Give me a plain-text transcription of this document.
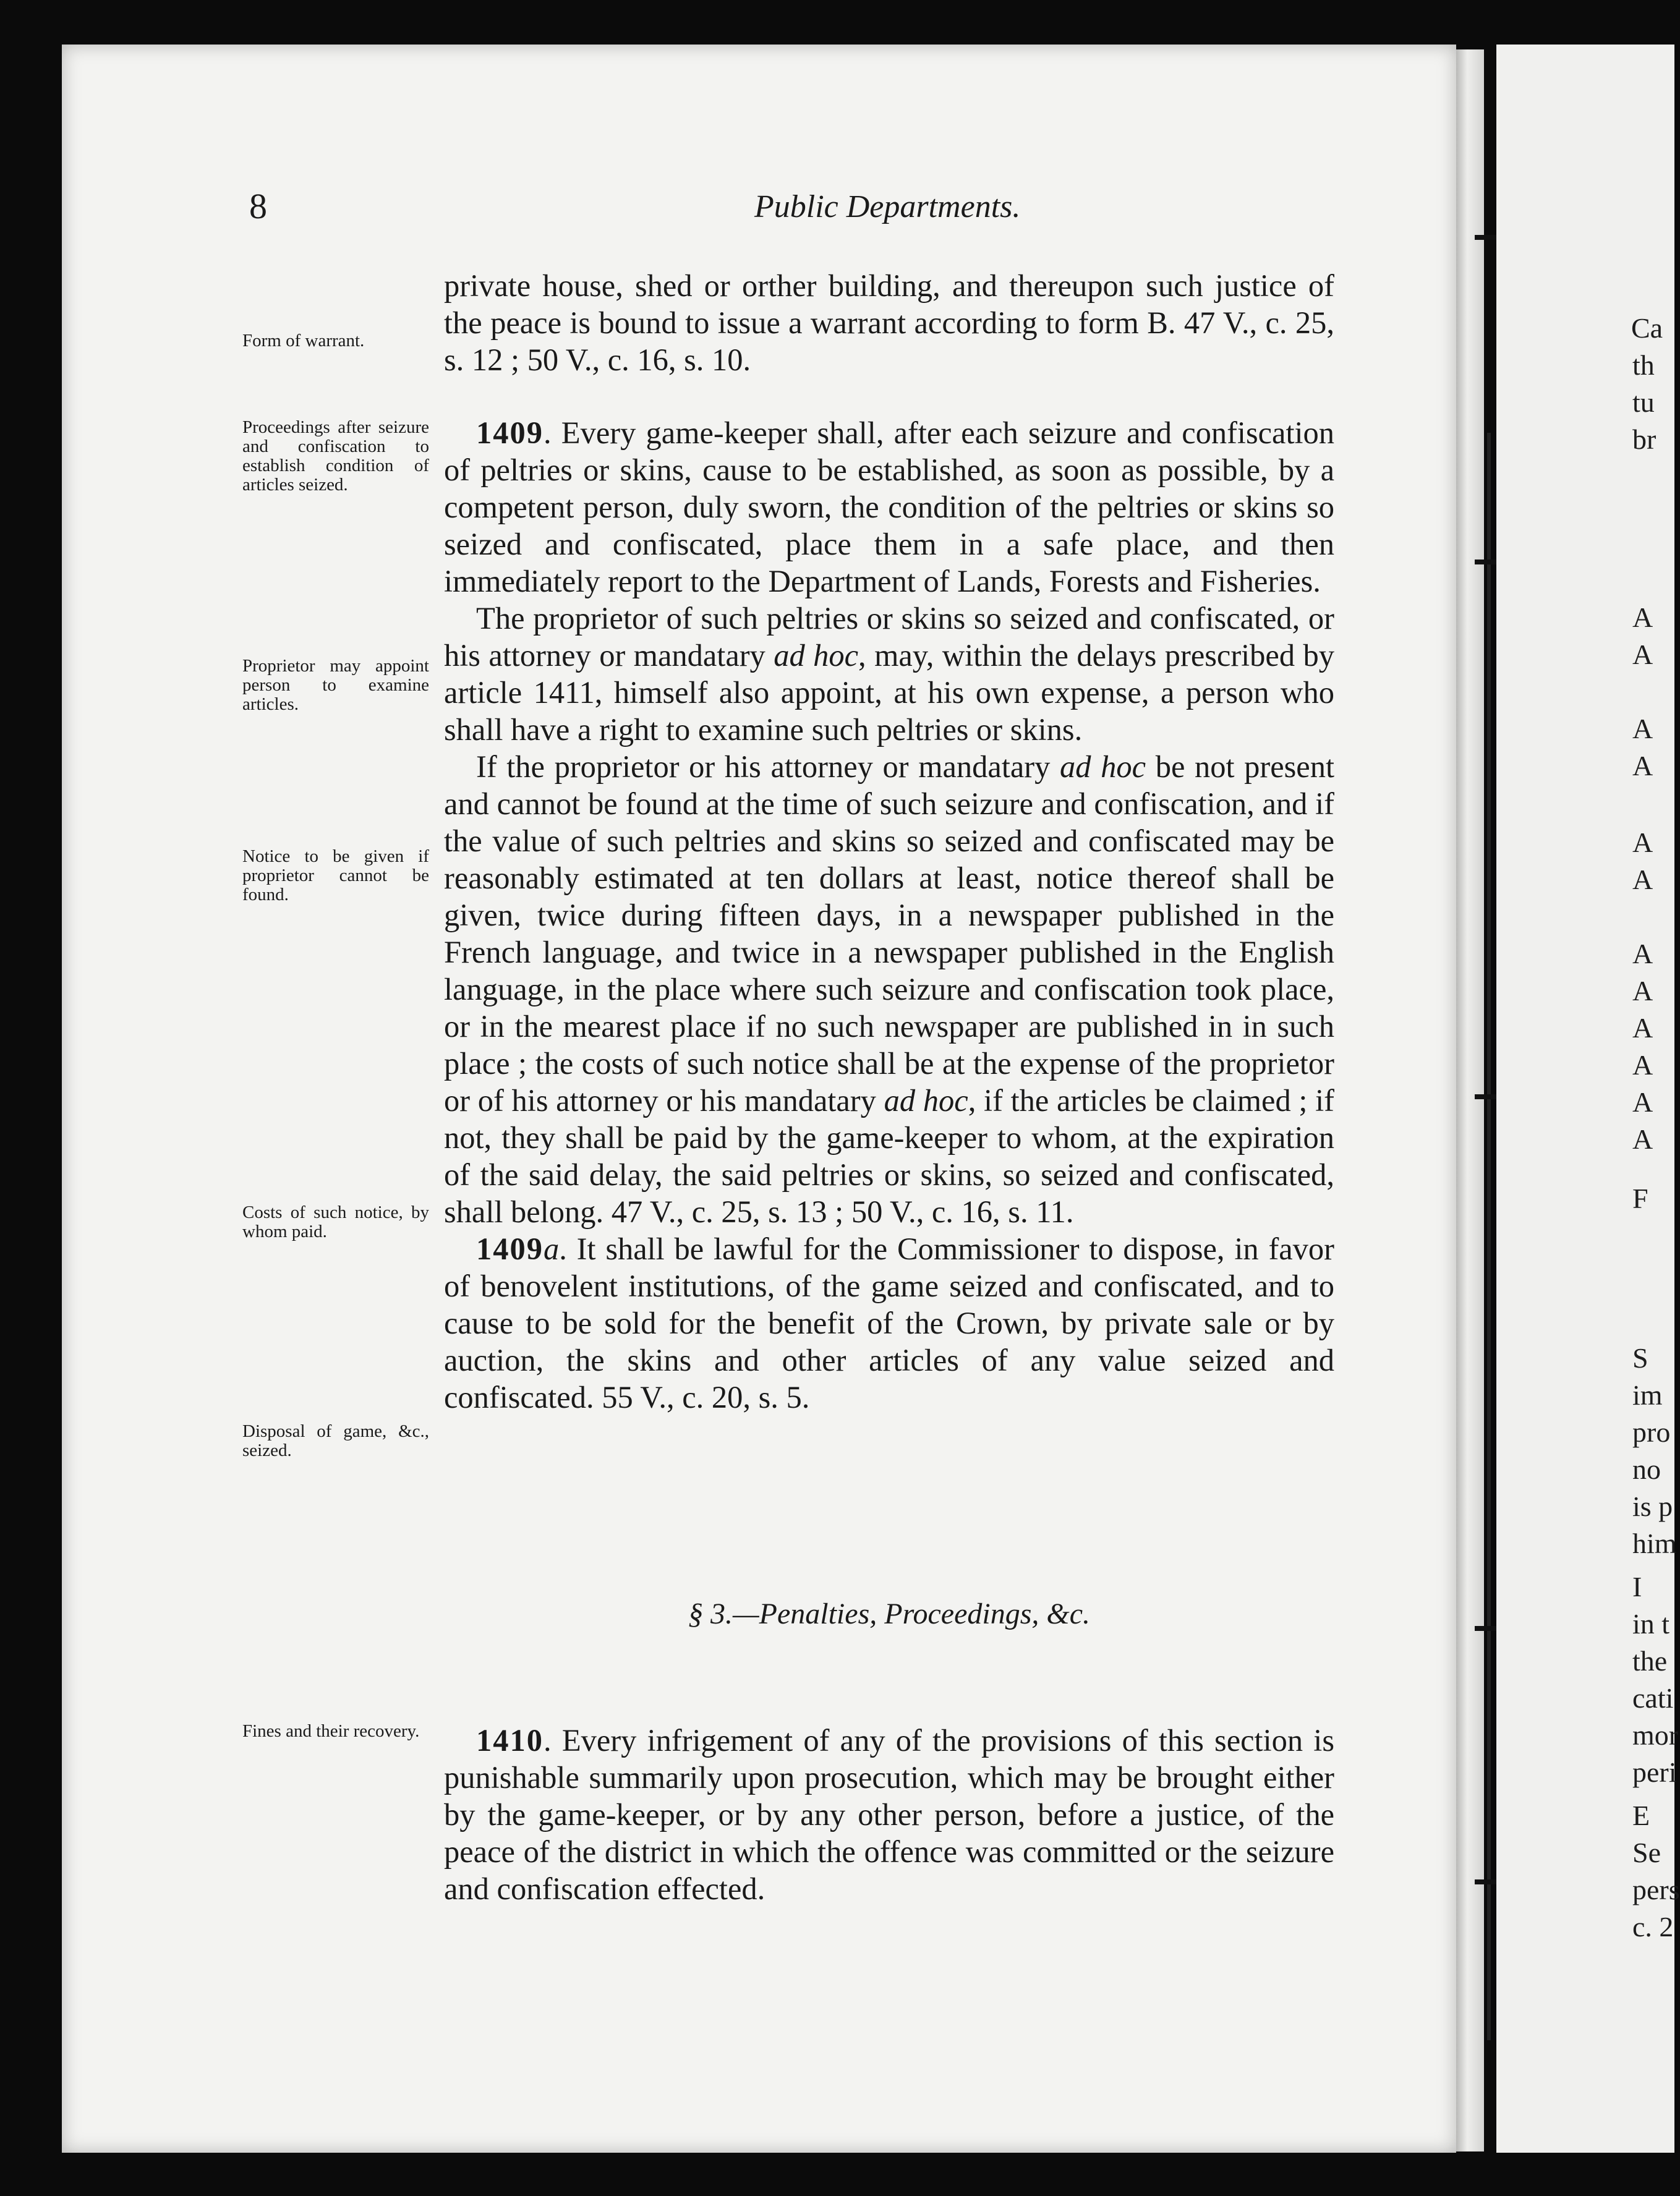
Ca
th
tu
br
A
A
A
A
A
A
A
A
A
A
A
A
F
S
im
pro
no
is p
him
I
in t
the
cati
mor
peri
E
Se
pers
c. 2
8	Public Departments.
Form of warrant.
Proceedings after seizure and confiscation to establish condition of articles seized.
Proprietor may appoint person to examine articles.
Notice to be given if proprietor cannot be found.
Costs of such notice, by whom paid.
Disposal of game, &c., seized.
Fines and their recovery.

private house, shed or orther building, and thereupon such justice of the peace is bound to issue a warrant according to form B. 47 V., c. 25, s. 12 ; 50 V., c. 16, s. 10.

1409. Every game-keeper shall, after each seizure and confiscation of peltries or skins, cause to be established, as soon as possible, by a competent person, duly sworn, the condition of the peltries or skins so seized and confiscated, place them in a safe place, and then immediately report to the Department of Lands, Forests and Fisheries.

The proprietor of such peltries or skins so seized and confiscated, or his attorney or mandatary ad hoc, may, within the delays prescribed by article 1411, himself also appoint, at his own expense, a person who shall have a right to examine such peltries or skins.

If the proprietor or his attorney or mandatary ad hoc be not present and cannot be found at the time of such seizure and confiscation, and if the value of such peltries and skins so seized and confiscated may be reasonably estimated at ten dollars at least, notice thereof shall be given, twice during fifteen days, in a newspaper published in the French language, and twice in a newspaper published in the English language, in the place where such seizure and confiscation took place, or in the mearest place if no such newspaper are published in in such place ; the costs of such notice shall be at the expense of the proprietor or of his attorney or his mandatary ad hoc, if the articles be claimed ; if not, they shall be paid by the game-keeper to whom, at the expiration of the said delay, the said peltries or skins, so seized and confiscated, shall belong. 47 V., c. 25, s. 13 ; 50 V., c. 16, s. 11.

1409a. It shall be lawful for the Commissioner to dispose, in favor of benovelent institutions, of the game seized and confiscated, and to cause to be sold for the benefit of the Crown, by private sale or by auction, the skins and other articles of any value seized and confiscated. 55 V., c. 20, s. 5.

§ 3.—Penalties, Proceedings, &c.

1410. Every infrigement of any of the provisions of this section is punishable summarily upon prosecution, which may be brought either by the game-keeper, or by any other person, before a justice, of the peace of the district in which the offence was committed or the seizure and confiscation effected.
